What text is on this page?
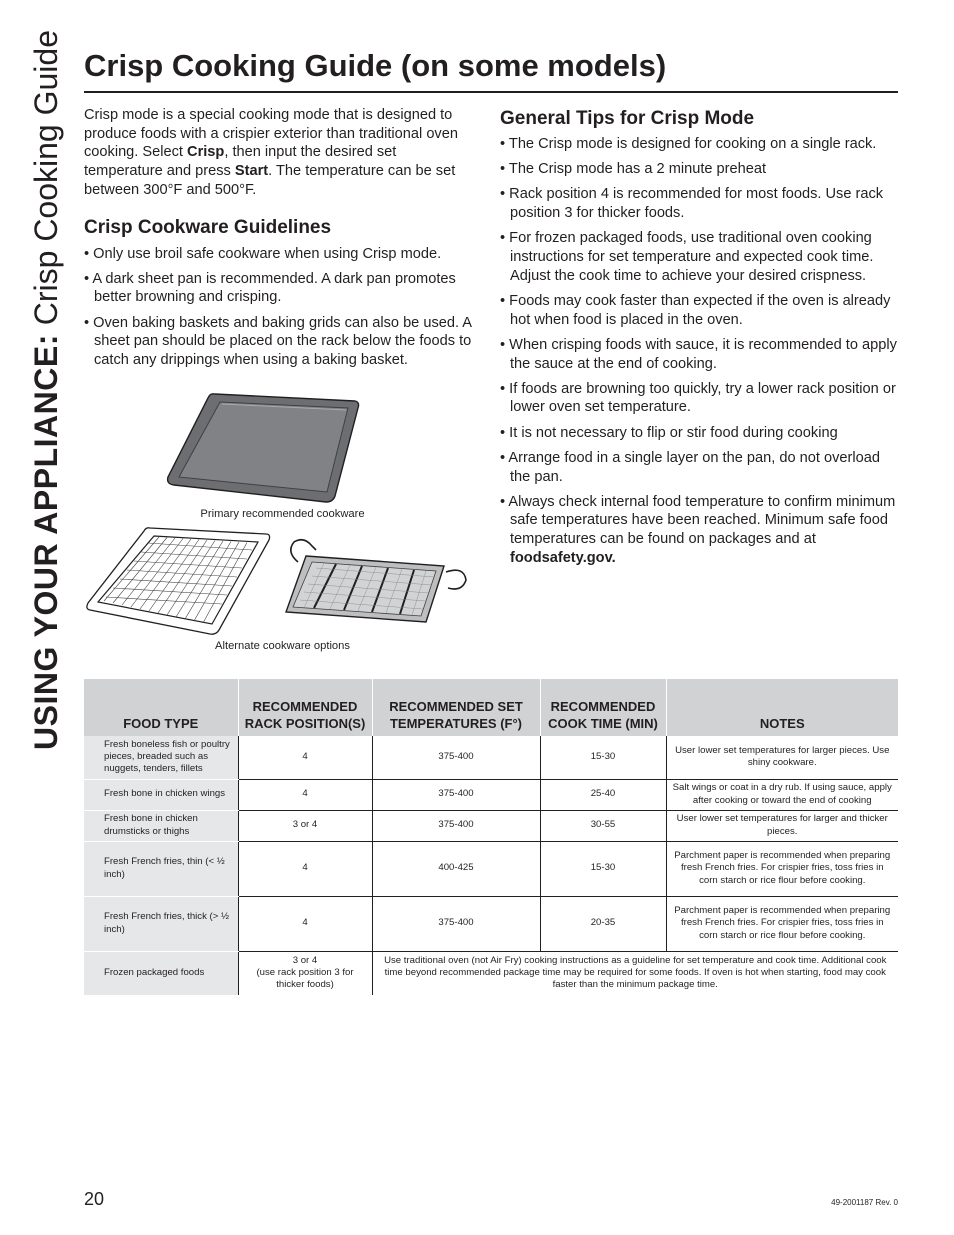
USING YOUR APPLIANCE: Crisp Cooking Guide Crisp Cooking Guide (on some models)

Crisp mode is a special cooking mode that is designed to produce foods with a crispier exterior than traditional oven cooking. Select Crisp, then input the desired set temperature and press Start. The temperature can be set between 300°F and 500°F.

Crisp Cookware Guidelines
• Only use broil safe cookware when using Crisp mode.
• A dark sheet pan is recommended. A dark pan promotes better browning and crisping.
• Oven baking baskets and baking grids can also be used. A sheet pan should be placed on the rack below the foods to catch any drippings when using a baking basket.
Primary recommended cookware
Alternate cookware options
General Tips for Crisp Mode
• The Crisp mode is designed for cooking on a single rack.
• The Crisp mode has a 2 minute preheat
• Rack position 4 is recommended for most foods. Use rack position 3 for thicker foods.
• For frozen packaged foods, use traditional oven cooking instructions for set temperature and expected cook time. Adjust the cook time to achieve your desired crispness.
• Foods may cook faster than expected if the oven is already hot when food is placed in the oven.
• When crisping foods with sauce, it is recommended to apply the sauce at the end of cooking.
• If foods are browning too quickly, try a lower rack position or lower oven set temperature.
• It is not necessary to flip or stir food during cooking
• Arrange food in a single layer on the pan, do not overload the pan.
• Always check internal food temperature to confirm minimum safe temperatures have been reached. Minimum safe food temperatures can be found on packages and at foodsafety.gov.
FOOD TYPE	RECOMMENDED RACK POSITION(S)	RECOMMENDED SET TEMPERATURES (F°)	RECOMMENDED COOK TIME (MIN)	NOTES
Fresh boneless fish or poultry pieces, breaded such as nuggets, tenders, fillets	4	375-400	15-30	User lower set temperatures for larger pieces. Use shiny cookware.
Fresh bone in chicken wings	4	375-400	25-40	Salt wings or coat in a dry rub. If using sauce, apply after cooking or toward the end of cooking
Fresh bone in chicken drumsticks or thighs	3 or 4	375-400	30-55	User lower set temperatures for larger and thicker pieces.
Fresh French fries, thin (< ½ inch)	4	400-425	15-30	Parchment paper is recommended when preparing fresh French fries. For crispier fries, toss fries in corn starch or rice flour before cooking.
Fresh French fries, thick (> ½ inch)	4	375-400	20-35	Parchment paper is recommended when preparing fresh French fries. For crispier fries, toss fries in corn starch or rice flour before cooking.
Frozen packaged foods	3 or 4
(use rack position 3 for thicker foods)	Use traditional oven (not Air Fry) cooking instructions as a guideline for set temperature and cook time. Additional cook time beyond recommended package time may be required for some foods. If oven is hot when starting, food may cook faster than the minimum package time.		
20	49-2001187 Rev. 0
